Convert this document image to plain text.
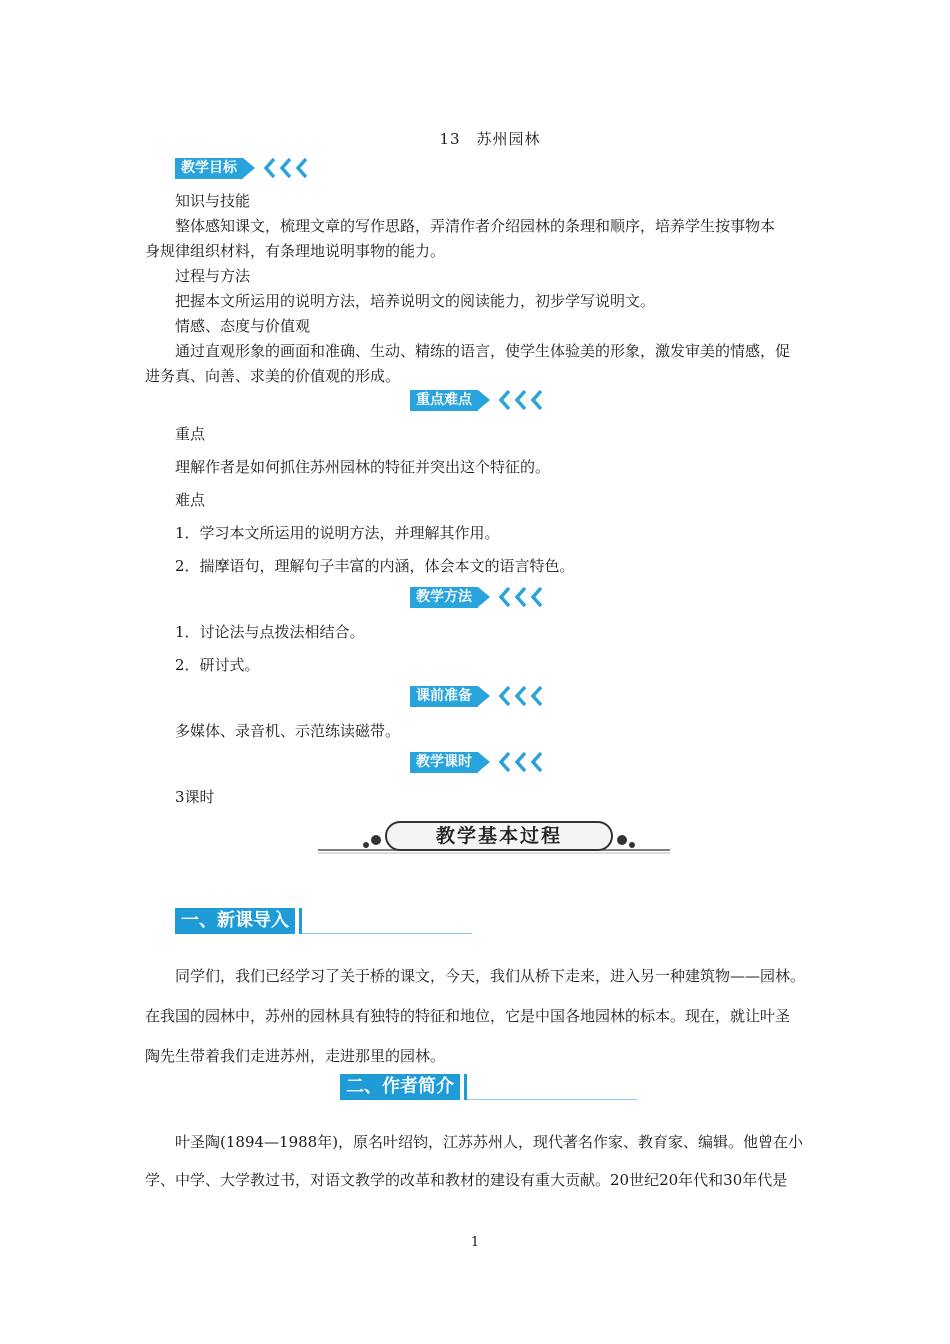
13　苏州园林
教学目标
知识与技能
整体感知课文，梳理文章的写作思路，弄清作者介绍园林的条理和顺序，培养学生按事物本
身规律组织材料，有条理地说明事物的能力。
过程与方法
把握本文所运用的说明方法，培养说明文的阅读能力，初步学写说明文。
情感、态度与价值观
通过直观形象的画面和准确、生动、精练的语言，使学生体验美的形象，激发审美的情感，促
进务真、向善、求美的价值观的形成。
重点难点
重点
理解作者是如何抓住苏州园林的特征并突出这个特征的。
难点
1．学习本文所运用的说明方法，并理解其作用。
2．揣摩语句，理解句子丰富的内涵，体会本文的语言特色。
教学方法
1．讨论法与点拨法相结合。
2．研讨式。
课前准备
多媒体、录音机、示范练读磁带。
教学课时
3课时
教学基本过程
一、新课导入
同学们，我们已经学习了关于桥的课文，今天，我们从桥下走来，进入另一种建筑物——园林。
在我国的园林中，苏州的园林具有独特的特征和地位，它是中国各地园林的标本。现在，就让叶圣
陶先生带着我们走进苏州，走进那里的园林。
二、作者简介
叶圣陶(1894—1988年)，原名叶绍钧，江苏苏州人，现代著名作家、教育家、编辑。他曾在小
学、中学、大学教过书，对语文教学的改革和教材的建设有重大贡献。20世纪20年代和30年代是
1
